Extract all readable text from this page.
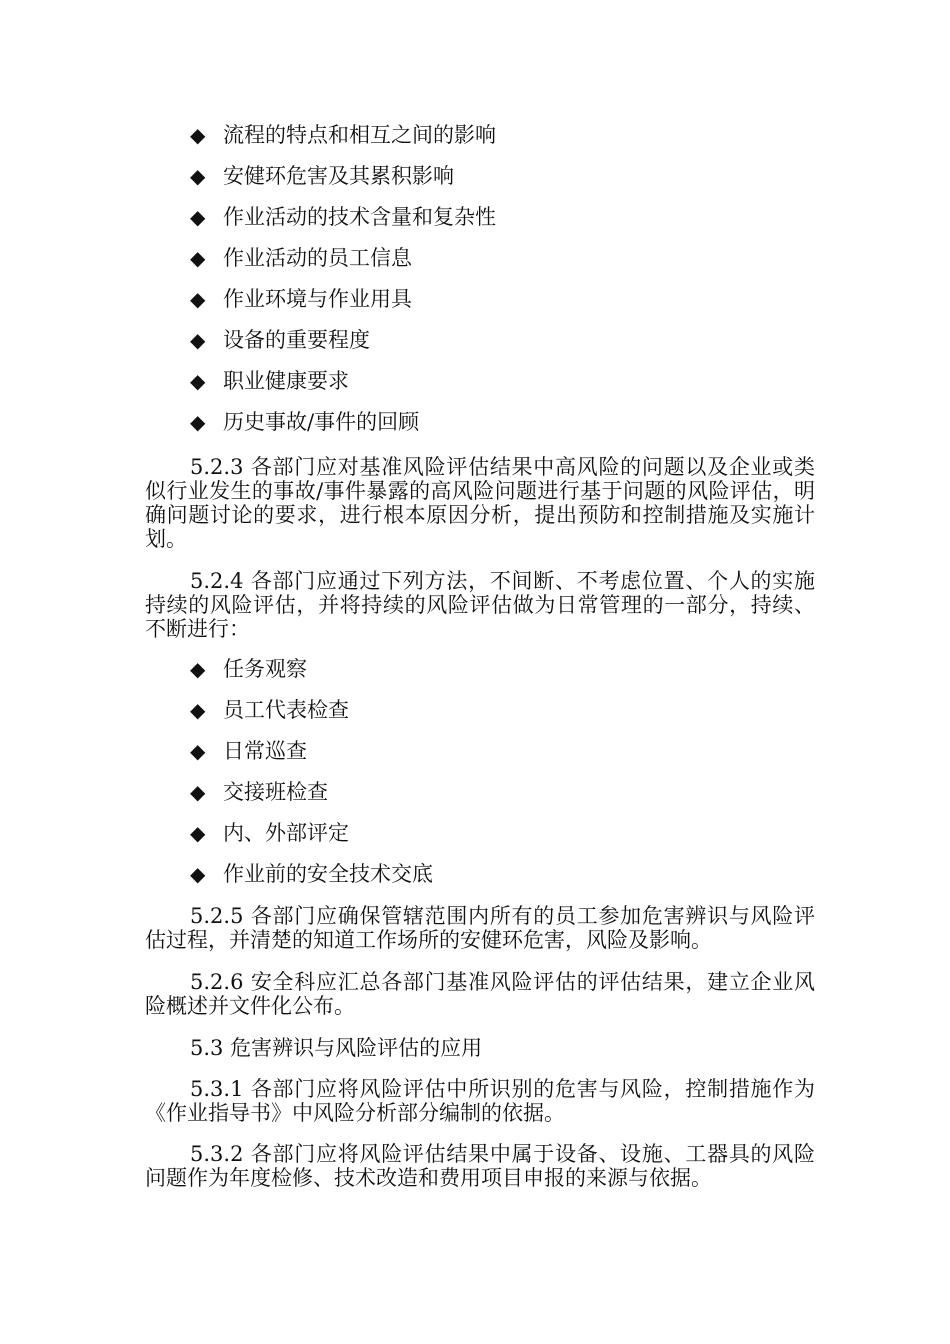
◆ 流程的特点和相互之间的影响
◆ 安健环危害及其累积影响
◆ 作业活动的技术含量和复杂性
◆ 作业活动的员工信息
◆ 作业环境与作业用具
◆ 设备的重要程度
◆ 职业健康要求
◆ 历史事故/事件的回顾

5.2.3 各部门应对基准风险评估结果中高风险的问题以及企业或类似行业发生的事故/事件暴露的高风险问题进行基于问题的风险评估，明确问题讨论的要求，进行根本原因分析，提出预防和控制措施及实施计划。

5.2.4 各部门应通过下列方法，不间断、不考虑位置、个人的实施持续的风险评估，并将持续的风险评估做为日常管理的一部分，持续、不断进行：

◆ 任务观察
◆ 员工代表检查
◆ 日常巡查
◆ 交接班检查
◆ 内、外部评定
◆ 作业前的安全技术交底

5.2.5 各部门应确保管辖范围内所有的员工参加危害辨识与风险评估过程，并清楚的知道工作场所的安健环危害，风险及影响。

5.2.6 安全科应汇总各部门基准风险评估的评估结果，建立企业风险概述并文件化公布。

5.3 危害辨识与风险评估的应用

5.3.1 各部门应将风险评估中所识别的危害与风险，控制措施作为《作业指导书》中风险分析部分编制的依据。

5.3.2 各部门应将风险评估结果中属于设备、设施、工器具的风险问题作为年度检修、技术改造和费用项目申报的来源与依据。
